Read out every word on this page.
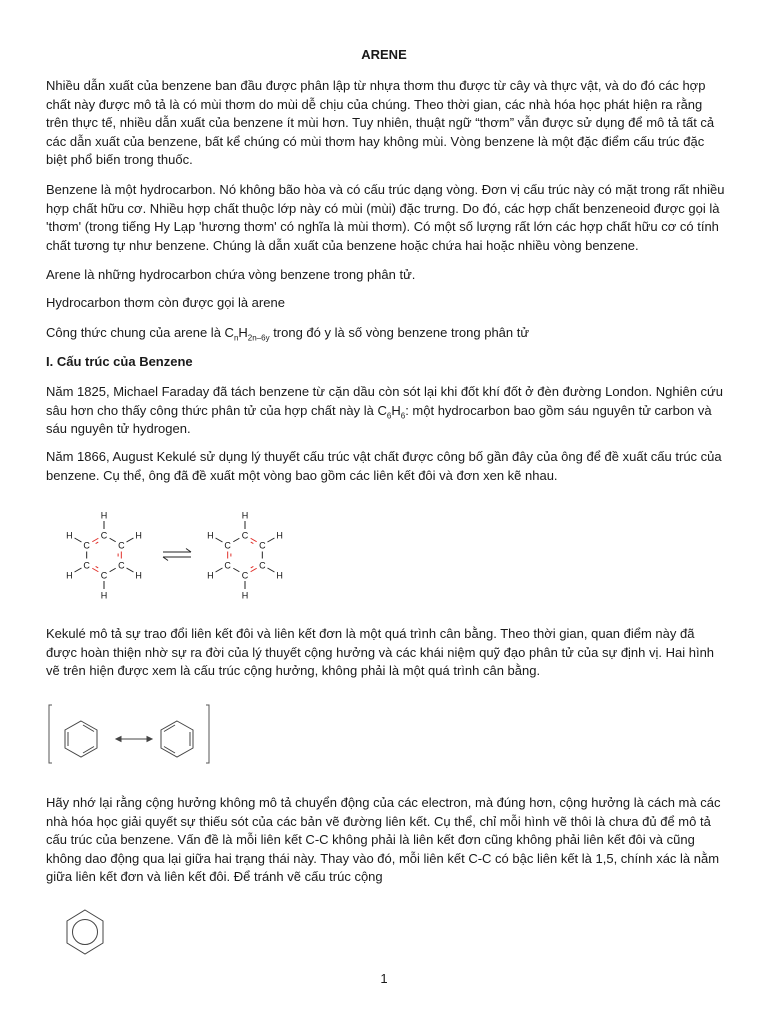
ARENE

Nhiều dẫn xuất của benzene ban đầu được phân lập từ nhựa thơm thu được từ cây và thực vật, và do đó các hợp chất này được mô tả là có mùi thơm do mùi dễ chịu của chúng. Theo thời gian, các nhà hóa học phát hiện ra rằng trên thực tế, nhiều dẫn xuất của benzene ít mùi hơn. Tuy nhiên, thuật ngữ “thơm” vẫn được sử dụng để mô tả tất cả các dẫn xuất của benzene, bất kể chúng có mùi thơm hay không mùi. Vòng benzene là một đặc điểm cấu trúc đặc biệt phổ biến trong thuốc.

Benzene là một hydrocarbon. Nó không bão hòa và có cấu trúc dạng vòng. Đơn vị cấu trúc này có mặt trong rất nhiều hợp chất hữu cơ. Nhiều hợp chất thuộc lớp này có mùi (mùi) đặc trưng. Do đó, các hợp chất benzeneoid được gọi là 'thơm' (trong tiếng Hy Lạp 'hương thơm' có nghĩa là mùi thơm). Có một số lượng rất lớn các hợp chất hữu cơ có tính chất tương tự như benzene. Chúng là dẫn xuất của benzene hoặc chứa hai hoặc nhiều vòng benzene.

Arene là những hydrocarbon chứa vòng benzene trong phân tử.

Hydrocarbon thơm còn được gọi là arene

Công thức chung của arene là $C_nH_{2n-6y}$ trong đó y là số vòng benzene trong phân tử

I. Cấu trúc của Benzene

Năm 1825, Michael Faraday đã tách benzene từ cặn dầu còn sót lại khi đốt khí đốt ở đèn đường London. Nghiên cứu sâu hơn cho thấy công thức phân tử của hợp chất này là $C_6H_6$: một hydrocarbon bao gồm sáu nguyên tử carbon và sáu nguyên tử hydrogen.

Năm 1866, August Kekulé sử dụng lý thuyết cấu trúc vật chất được công bố gần đây của ông để đề xuất cấu trúc của benzene. Cụ thể, ông đã đề xuất một vòng bao gồm các liên kết đôi và đơn xen kẽ nhau.

C
H
C
H
C
H
C
H
C
H
C
H	C
H
C
H
C
H
C
H
C
H
C
H

Kekulé mô tả sự trao đổi liên kết đôi và liên kết đơn là một quá trình cân bằng. Theo thời gian, quan điểm này đã được hoàn thiện nhờ sự ra đời của lý thuyết cộng hưởng và các khái niệm quỹ đạo phân tử của sự định vị. Hai hình vẽ trên hiện được xem là cấu trúc cộng hưởng, không phải là một quá trình cân bằng.

Hãy nhớ lại rằng cộng hưởng không mô tả chuyển động của các electron, mà đúng hơn, cộng hưởng là cách mà các nhà hóa học giải quyết sự thiếu sót của các bản vẽ đường liên kết. Cụ thể, chỉ mỗi hình vẽ thôi là chưa đủ để mô tả cấu trúc của benzene. Vấn đề là mỗi liên kết C-C không phải là liên kết đơn cũng không phải liên kết đôi và cũng không dao động qua lại giữa hai trạng thái này. Thay vào đó, mỗi liên kết C-C có bậc liên kết là 1,5, chính xác là nằm giữa liên kết đơn và liên kết đôi. Để tránh vẽ cấu trúc cộng

1
